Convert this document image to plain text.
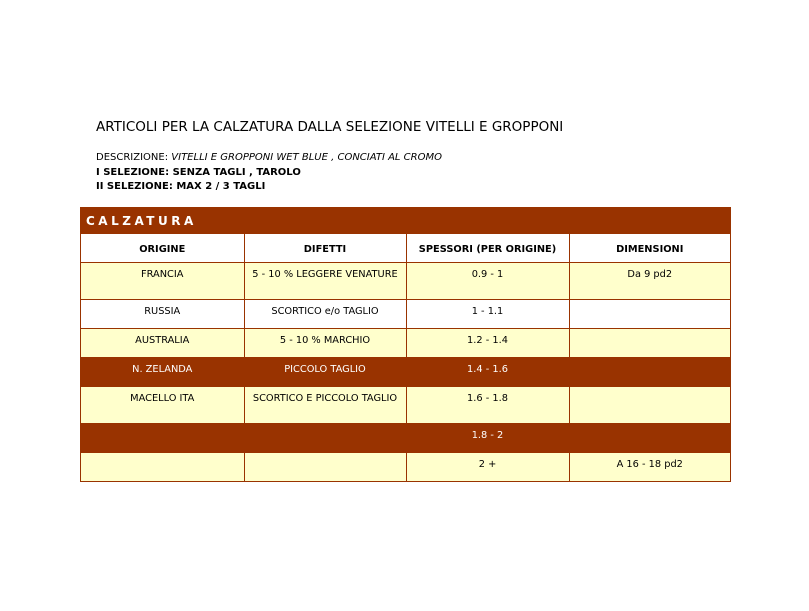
ARTICOLI PER LA CALZATURA DALLA SELEZIONE VITELLI E GROPPONI
DESCRIZIONE: VITELLI E GROPPONI WET BLUE , CONCIATI AL CROMO
I SELEZIONE: SENZA TAGLI , TAROLO
II SELEZIONE: MAX 2 / 3 TAGLI
CALZATURA
ORIGINE	DIFETTI	SPESSORI (PER ORIGINE)	DIMENSIONI
FRANCIA	5 - 10 % LEGGERE VENATURE	0.9 - 1	Da 9 pd2
RUSSIA	SCORTICO e/o TAGLIO	1 - 1.1	
AUSTRALIA	5 - 10 % MARCHIO	1.2 - 1.4	
N. ZELANDA	PICCOLO TAGLIO	1.4 - 1.6	
MACELLO ITA	SCORTICO E PICCOLO TAGLIO	1.6 - 1.8	
		1.8 - 2	
		2 +	A 16 - 18 pd2
